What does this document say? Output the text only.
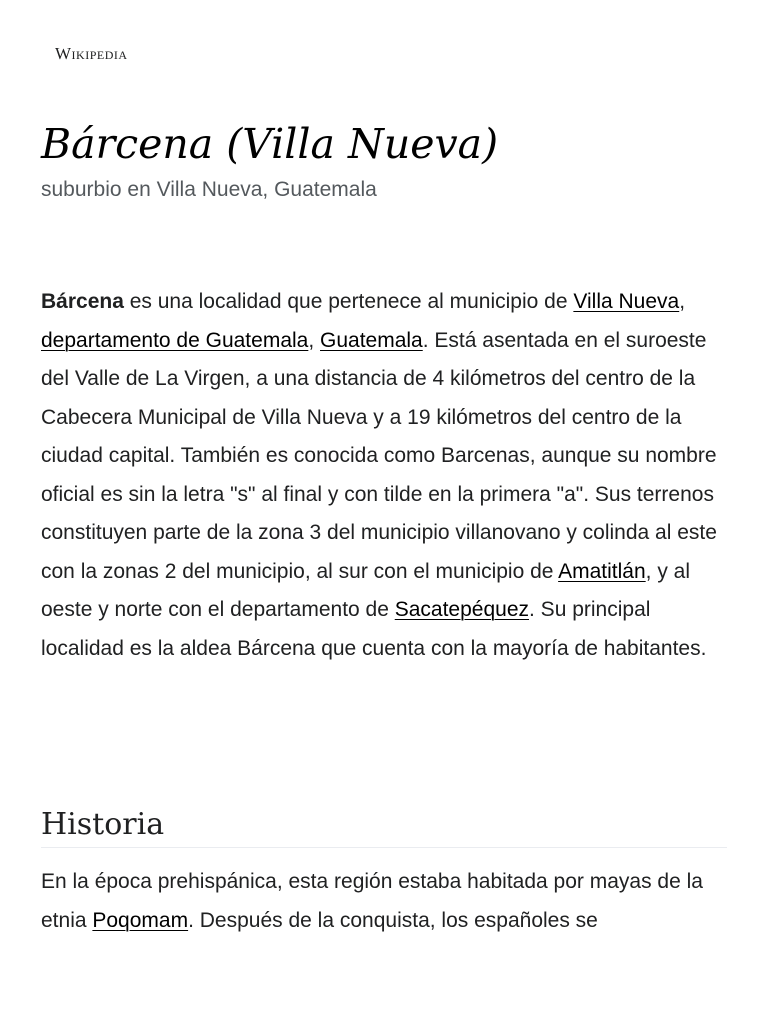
Wikipedia
Bárcena (Villa Nueva)
suburbio en Villa Nueva, Guatemala

Bárcena es una localidad que pertenece al municipio de Villa Nueva, departamento de Guatemala, Guatemala. Está asentada en el suroeste del Valle de La Virgen, a una distancia de 4 kilómetros del centro de la Cabecera Municipal de Villa Nueva y a 19 kilómetros del centro de la ciudad capital. También es conocida como Barcenas, aunque su nombre oficial es sin la letra "s" al final y con tilde en la primera "a". Sus terrenos constituyen parte de la zona 3 del municipio villanovano y colinda al este con la zonas 2 del municipio, al sur con el municipio de Amatitlán, y al oeste y norte con el departamento de Sacatepéquez. Su principal localidad es la aldea Bárcena que cuenta con la mayoría de habitantes.

Historia

En la época prehispánica, esta región estaba habitada por mayas de la etnia Poqomam. Después de la conquista, los españoles se
